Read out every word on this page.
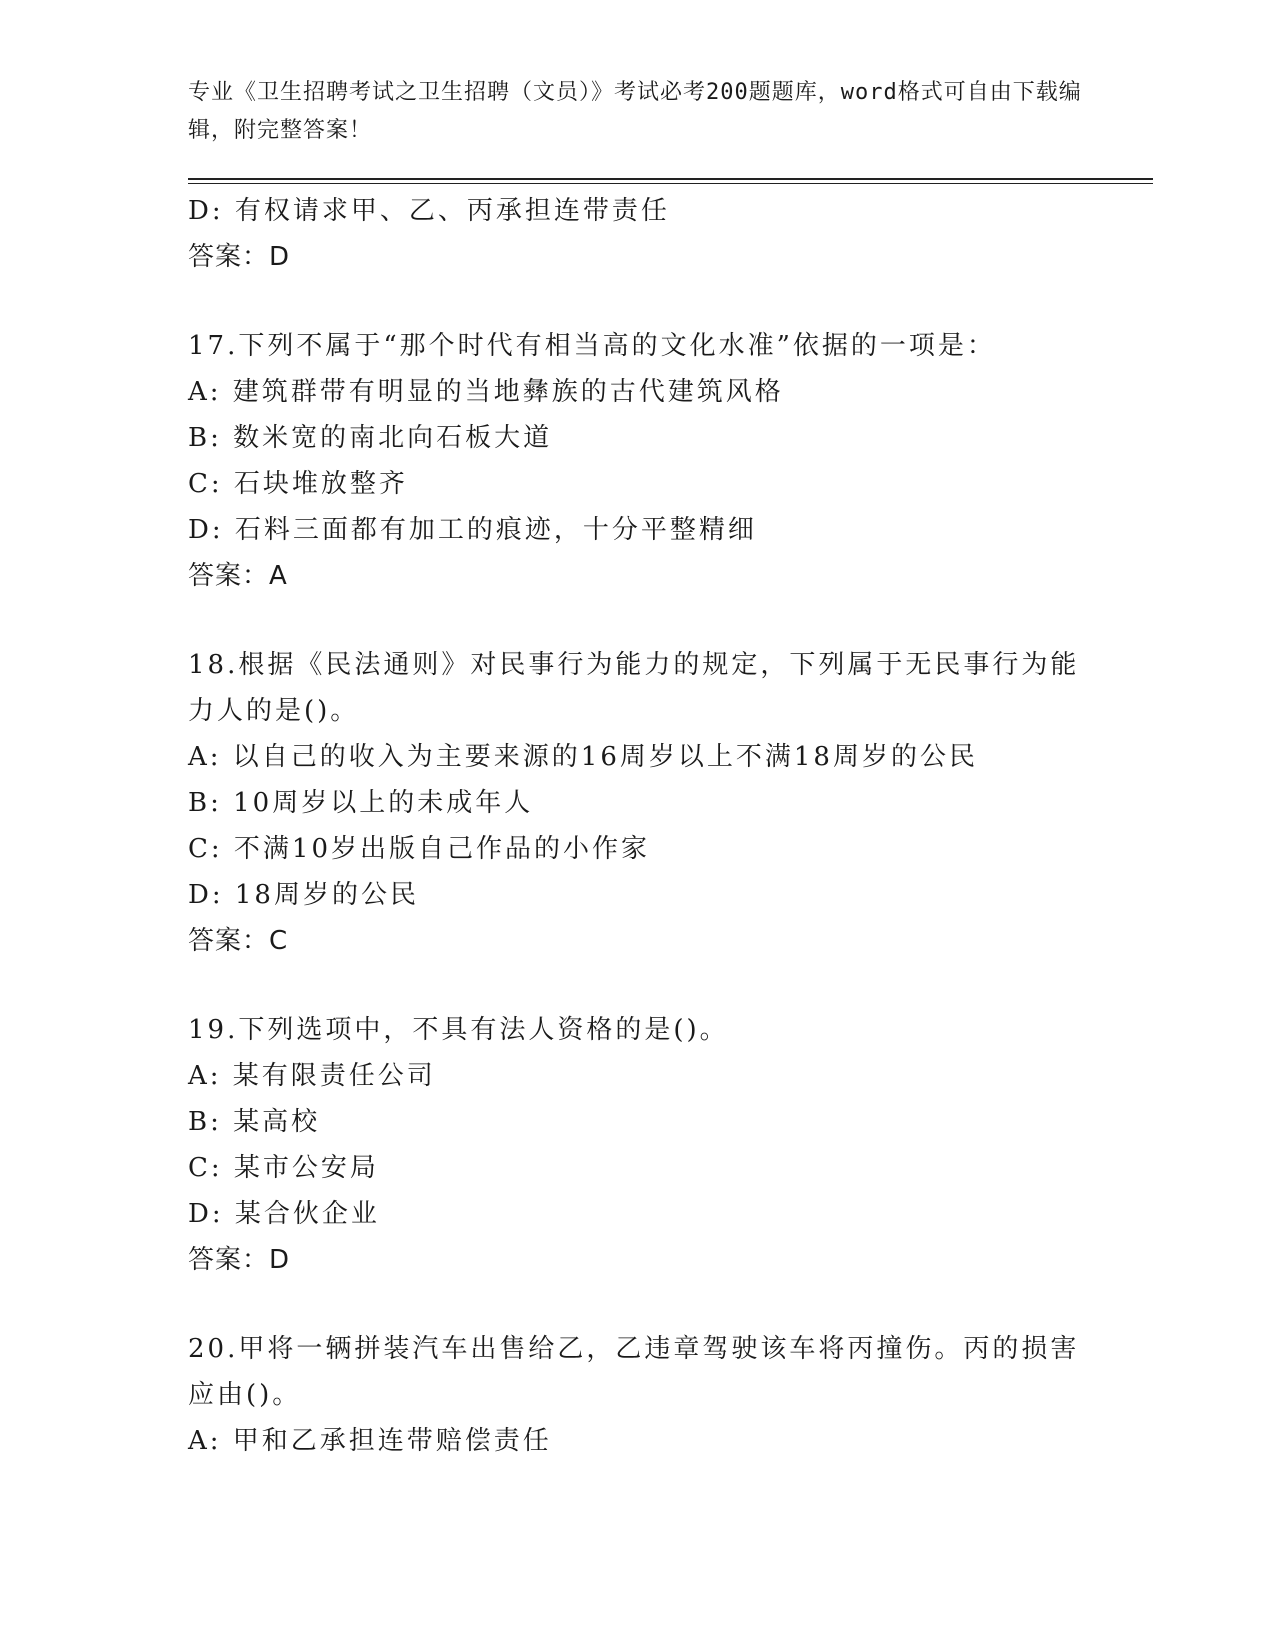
专业《卫生招聘考试之卫生招聘（文员）》考试必考200题题库，word格式可自由下载编辑，附完整答案！
D: 有权请求甲、乙、丙承担连带责任
答案：D
17.下列不属于“那个时代有相当高的文化水准”依据的一项是：
A: 建筑群带有明显的当地彝族的古代建筑风格
B: 数米宽的南北向石板大道
C: 石块堆放整齐
D: 石料三面都有加工的痕迹，十分平整精细
答案：A
18.根据《民法通则》对民事行为能力的规定，下列属于无民事行为能力人的是()。
A: 以自己的收入为主要来源的16周岁以上不满18周岁的公民
B: 10周岁以上的未成年人
C: 不满10岁出版自己作品的小作家
D: 18周岁的公民
答案：C
19.下列选项中，不具有法人资格的是()。
A: 某有限责任公司
B: 某高校
C: 某市公安局
D: 某合伙企业
答案：D
20.甲将一辆拼装汽车出售给乙，乙违章驾驶该车将丙撞伤。丙的损害应由()。
A: 甲和乙承担连带赔偿责任
